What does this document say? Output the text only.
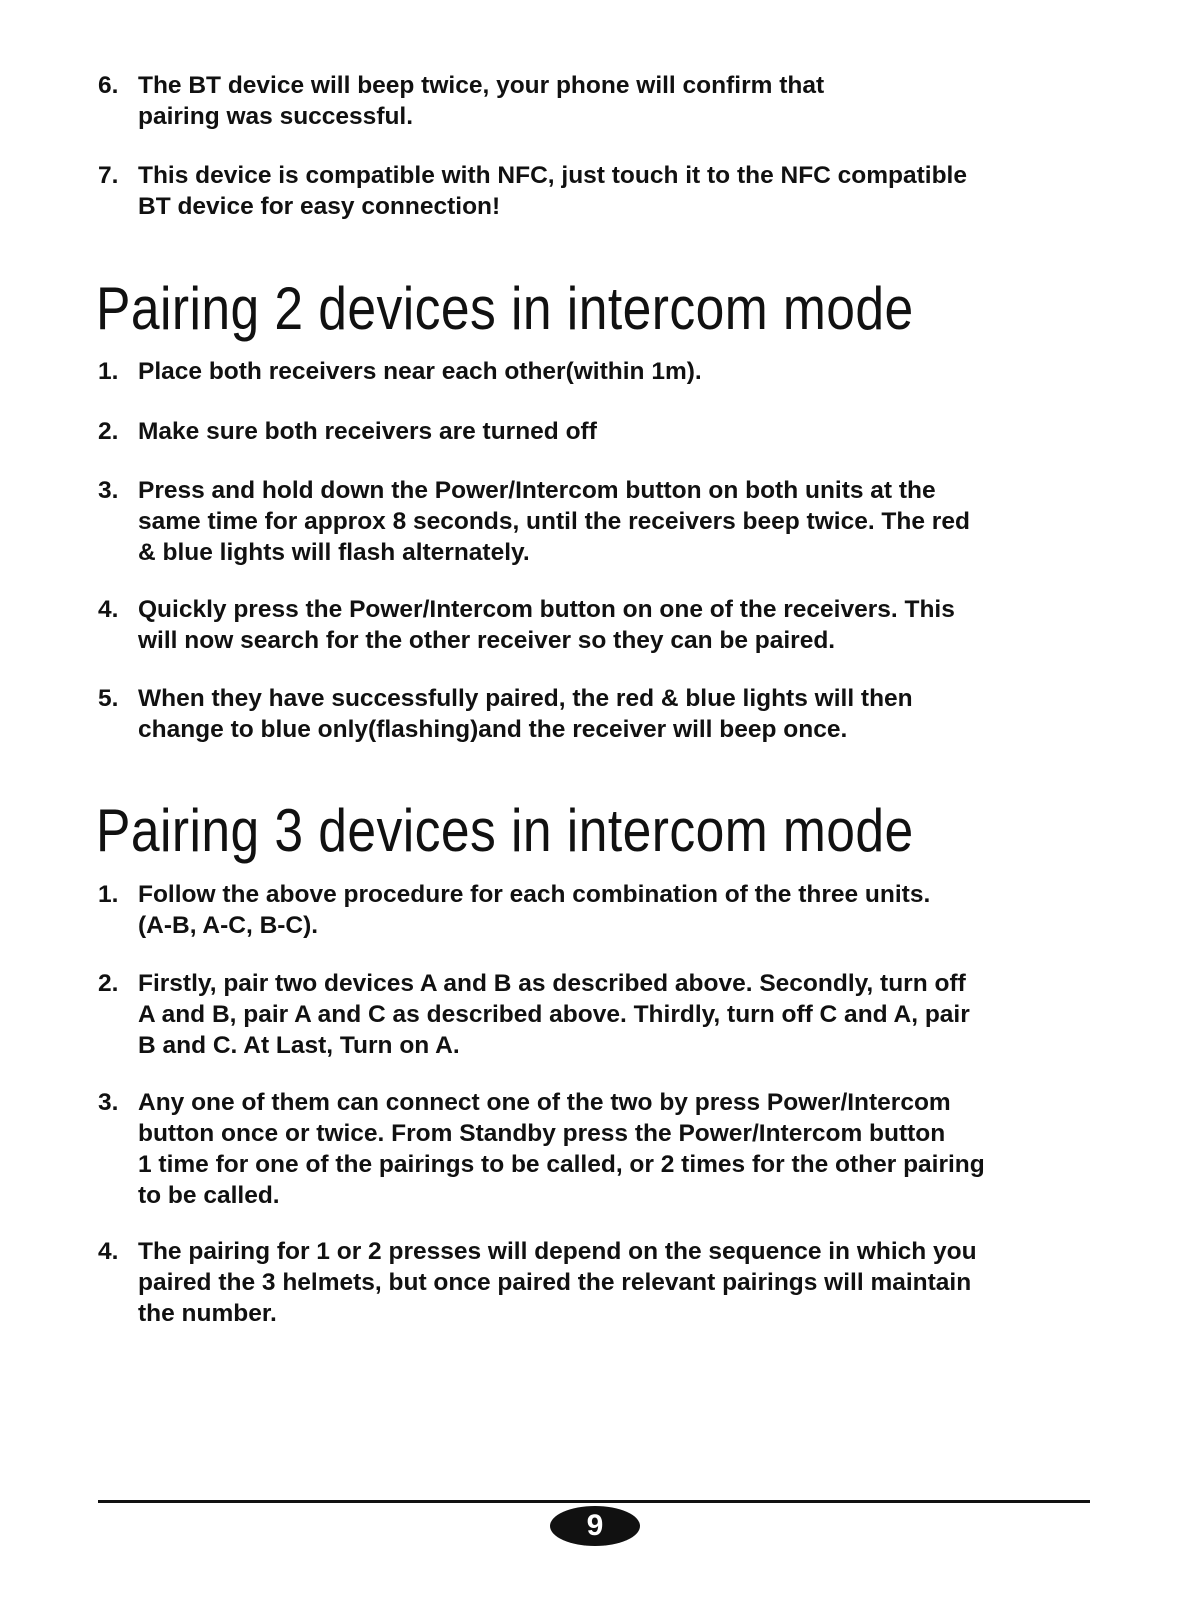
6. The BT device will beep twice, your phone will confirm that
pairing was successful.
7. This device is compatible with NFC, just touch it to the NFC compatible
BT device for easy connection!
Pairing 2 devices in intercom mode
1. Place both receivers near each other(within 1m).
2. Make sure both receivers are turned off
3. Press and hold down the Power/Intercom button on both units at the
same time for approx 8 seconds, until the receivers beep twice. The red
& blue lights will flash alternately.
4. Quickly press the Power/Intercom button on one of the receivers. This
will now search for the other receiver so they can be paired.
5. When they have successfully paired, the red & blue lights will then
change to blue only(flashing)and the receiver will beep once.
Pairing 3 devices in intercom mode
1. Follow the above procedure for each combination of the three units.
(A-B, A-C, B-C).
2. Firstly, pair two devices A and B as described above. Secondly, turn off
A and B, pair A and C as described above. Thirdly, turn off C and A, pair
B and C. At Last, Turn on A.
3. Any one of them can connect one of the two by press Power/Intercom
button once or twice. From Standby press the Power/Intercom button
1 time for one of the pairings to be called, or 2 times for the other pairing
to be called.
4. The pairing for 1 or 2 presses will depend on the sequence in which you
paired the 3 helmets, but once paired the relevant pairings will maintain
the number.
9
